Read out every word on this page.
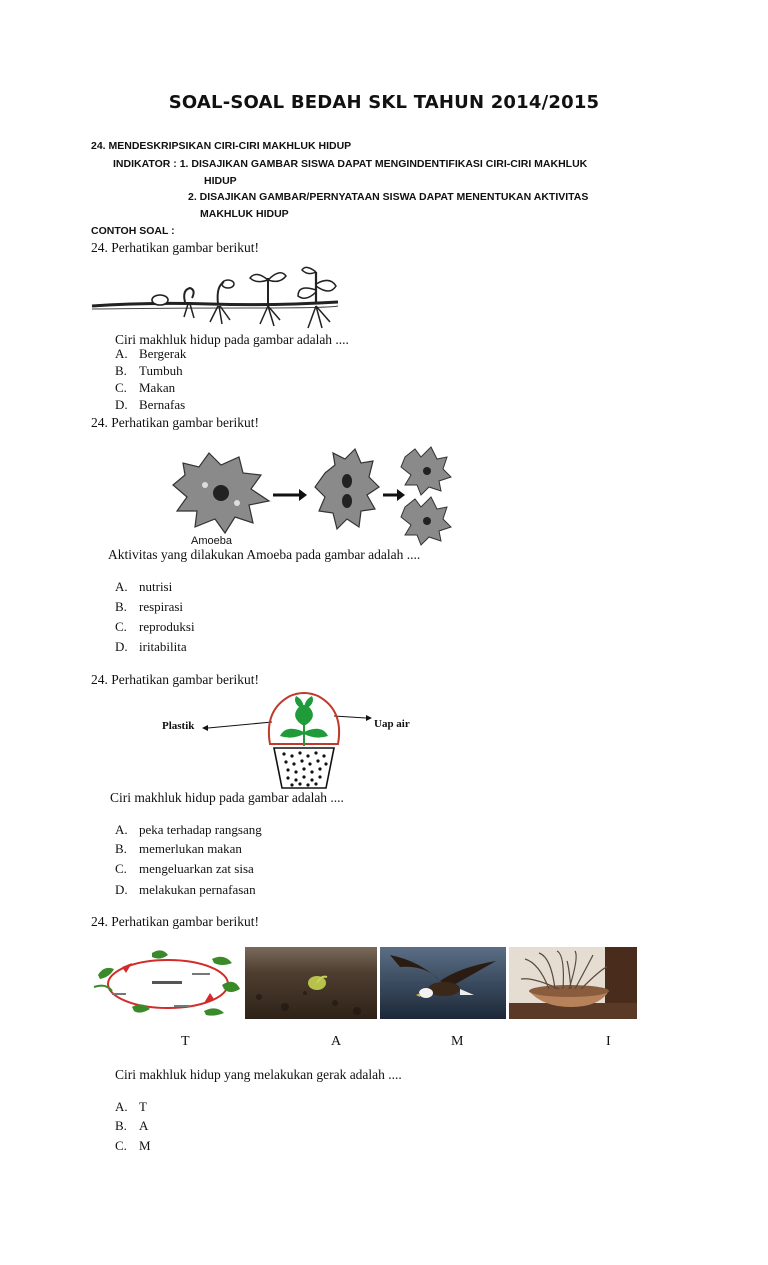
SOAL-SOAL BEDAH SKL TAHUN 2014/2015
24. MENDESKRIPSIKAN CIRI-CIRI MAKHLUK HIDUP
INDIKATOR : 1. DISAJIKAN GAMBAR SISWA DAPAT MENGINDENTIFIKASI CIRI-CIRI MAKHLUK
HIDUP
2. DISAJIKAN GAMBAR/PERNYATAAN SISWA DAPAT MENENTUKAN AKTIVITAS
MAKHLUK HIDUP
CONTOH SOAL :
24. Perhatikan gambar berikut!
Ciri makhluk hidup pada gambar adalah ....
A. Bergerak
B. Tumbuh
C. Makan
D. Bernafas
24. Perhatikan gambar berikut!
Amoeba
Aktivitas yang dilakukan Amoeba pada gambar adalah ....
A. nutrisi
B. respirasi
C. reproduksi
D. iritabilita
24. Perhatikan gambar berikut!
Plastik	Uap air
Ciri makhluk hidup pada gambar adalah ....
A. peka terhadap rangsang
B. memerlukan makan
C. mengeluarkan zat sisa
D. melakukan pernafasan
24. Perhatikan gambar berikut!
T	A	M	I
Ciri makhluk hidup yang melakukan gerak adalah ....
A. T
B. A
C. M
